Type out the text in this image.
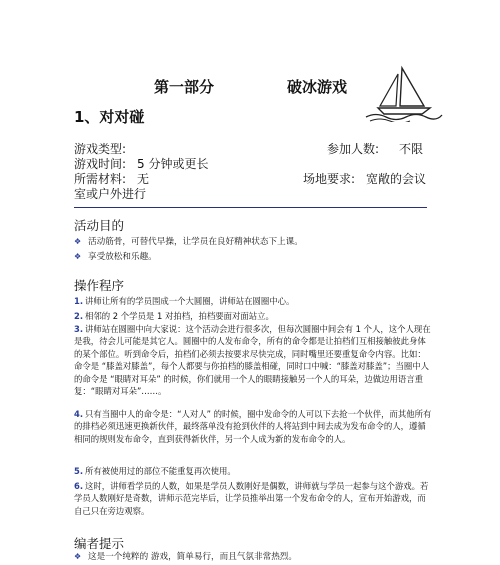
第一部分	破冰游戏
1、对对碰
游戏类型:	参加人数: 不限
游戏时间: 5 分钟或更长
所需材料: 无	场地要求: 宽敞的会议
室或户外进行
活动目的
❖ 活动筋骨，可替代早操，让学员在良好精神状态下上课。
❖ 享受放松和乐趣。
操作程序
1. 讲师让所有的学员围成一个大圆圈，讲师站在圆圈中心。
2. 相邻的 2 个学员是 1 对拍档，拍档要面对面站立。
3. 讲师站在圆圈中向大家说：这个活动会进行很多次，但每次圆圈中间会有 1 个人，这个人现在是我，待会儿可能是其它人。圆圈中的人发布命令，所有的命令都是让拍档们互相接触彼此身体的某个部位。听到命令后，拍档们必须去按要求尽快完成，同时嘴里还要重复命令内容。比如：命令是 “膝盖对膝盖”，每个人都要与你拍档的膝盖相碰，同时口中喊：“膝盖对膝盖”；当圈中人的命令是 “眼睛对耳朵” 的时候，你们就用一个人的眼睛接触另一个人的耳朵，边做边用语言重复：“眼睛对耳朵”……。
4. 只有当圈中人的命令是：“人对人” 的时候，圈中发命令的人可以下去抢一个伙伴，而其他所有的排档必须迅速更换新伙伴，最终落单没有抢到伙伴的人将站到中间去成为发布命令的人，遵循相同的规则发布命令，直到获得新伙伴，另一个人成为新的发布命令的人。
5. 所有被使用过的部位不能重复再次使用。
6. 这时，讲师看学员的人数，如果是学员人数刚好是偶数，讲师就与学员一起参与这个游戏。若学员人数刚好是奇数，讲师示范完毕后，让学员推举出第一个发布命令的人，宣布开始游戏，而自己只在旁边观察。
编者提示
❖ 这是一个纯粹的 游戏，简单易行，而且气氛非常热烈。
